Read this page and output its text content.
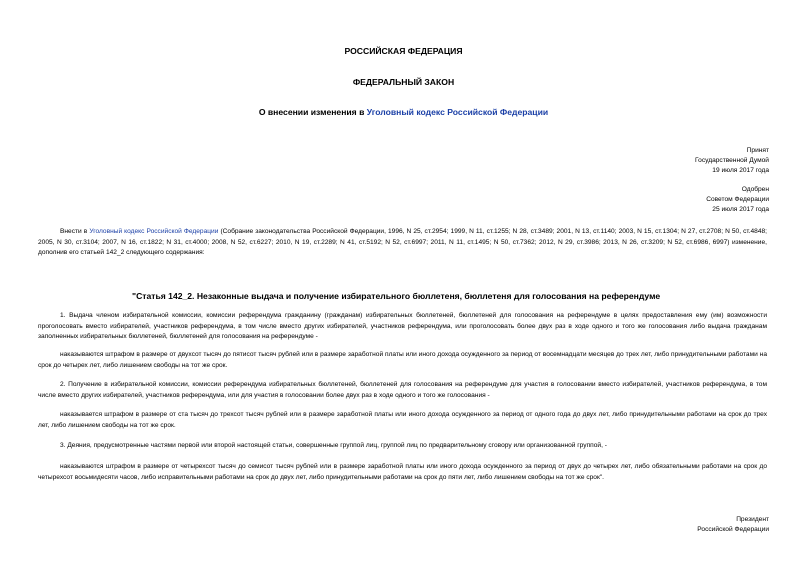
РОССИЙСКАЯ ФЕДЕРАЦИЯ
ФЕДЕРАЛЬНЫЙ ЗАКОН
О внесении изменения в Уголовный кодекс Российской Федерации
Принят
Государственной Думой
19 июля 2017 года
Одобрен
Советом Федерации
25 июля 2017 года

Внести в Уголовный кодекс Российской Федерации (Собрание законодательства Российской Федерации, 1996, N 25, ст.2954; 1999, N 11, ст.1255; N 28, ст.3489; 2001, N 13, ст.1140; 2003, N 15, ст.1304; N 27, ст.2708; N 50, ст.4848; 2005, N 30, ст.3104; 2007, N 16, ст.1822; N 31, ст.4000; 2008, N 52, ст.6227; 2010, N 19, ст.2289; N 41, ст.5192; N 52, ст.6997; 2011, N 11, ст.1495; N 50, ст.7362; 2012, N 29, ст.3986; 2013, N 26, ст.3209; N 52, ст.6986, 6997) изменение, дополнив его статьей 142_2 следующего содержания:

"Статья 142_2. Незаконные выдача и получение избирательного бюллетеня, бюллетеня для голосования на референдуме

1. Выдача членом избирательной комиссии, комиссии референдума гражданину (гражданам) избирательных бюллетеней, бюллетеней для голосования на референдуме в целях предоставления ему (им) возможности проголосовать вместо избирателей, участников референдума, в том числе вместо других избирателей, участников референдума, или проголосовать более двух раз в ходе одного и того же голосования либо выдача гражданам заполненных избирательных бюллетеней, бюллетеней для голосования на референдуме -

наказываются штрафом в размере от двухсот тысяч до пятисот тысяч рублей или в размере заработной платы или иного дохода осужденного за период от восемнадцати месяцев до трех лет, либо принудительными работами на срок до четырех лет, либо лишением свободы на тот же срок.

2. Получение в избирательной комиссии, комиссии референдума избирательных бюллетеней, бюллетеней для голосования на референдуме для участия в голосовании вместо избирателей, участников референдума, в том числе вместо других избирателей, участников референдума, или для участия в голосовании более двух раз в ходе одного и того же голосования -

наказывается штрафом в размере от ста тысяч до трехсот тысяч рублей или в размере заработной платы или иного дохода осужденного за период от одного года до двух лет, либо принудительными работами на срок до трех лет, либо лишением свободы на тот же срок.

3. Деяния, предусмотренные частями первой или второй настоящей статьи, совершенные группой лиц, группой лиц по предварительному сговору или организованной группой, -

наказываются штрафом в размере от четырехсот тысяч до семисот тысяч рублей или в размере заработной платы или иного дохода осужденного за период от двух до четырех лет, либо обязательными работами на срок до четырехсот восьмидесяти часов, либо исправительными работами на срок до двух лет, либо принудительными работами на срок до пяти лет, либо лишением свободы на тот же срок".

Президент
Российской Федерации
